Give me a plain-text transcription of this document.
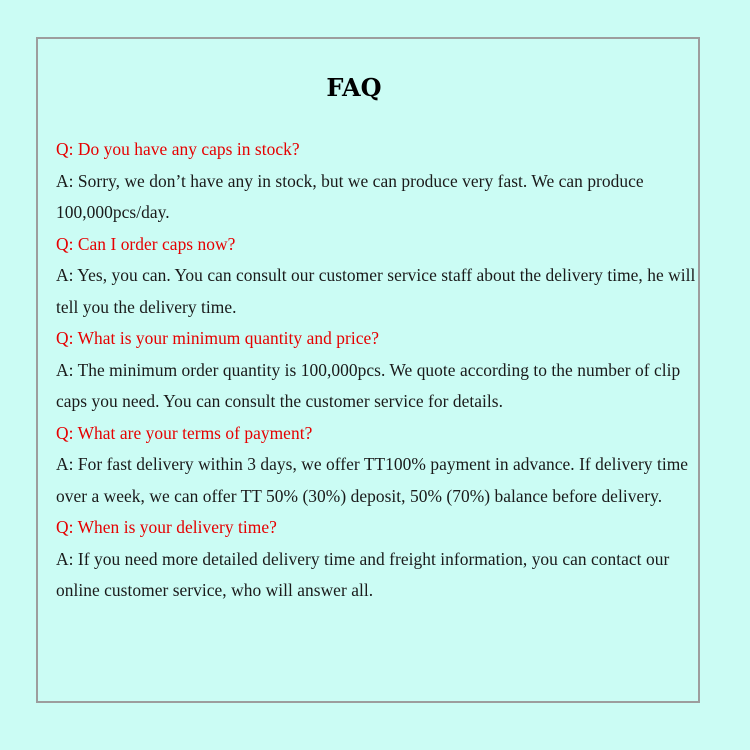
FAQ
Q: Do you have any caps in stock?
A: Sorry, we don’t have any in stock, but we can produce very fast. We can produce 100,000pcs/day.
Q: Can I order caps now?
A: Yes, you can. You can consult our customer service staff about the delivery time, he will tell you the delivery time.
Q: What is your minimum quantity and price?
A: The minimum order quantity is 100,000pcs. We quote according to the number of clip caps you need. You can consult the customer service for details.
Q: What are your terms of payment?
A: For fast delivery within 3 days, we offer TT100% payment in advance. If delivery time over a week, we can offer TT 50% (30%) deposit, 50% (70%) balance before delivery.
Q: When is your delivery time?
A: If you need more detailed delivery time and freight information, you can contact our online customer service, who will answer all.
